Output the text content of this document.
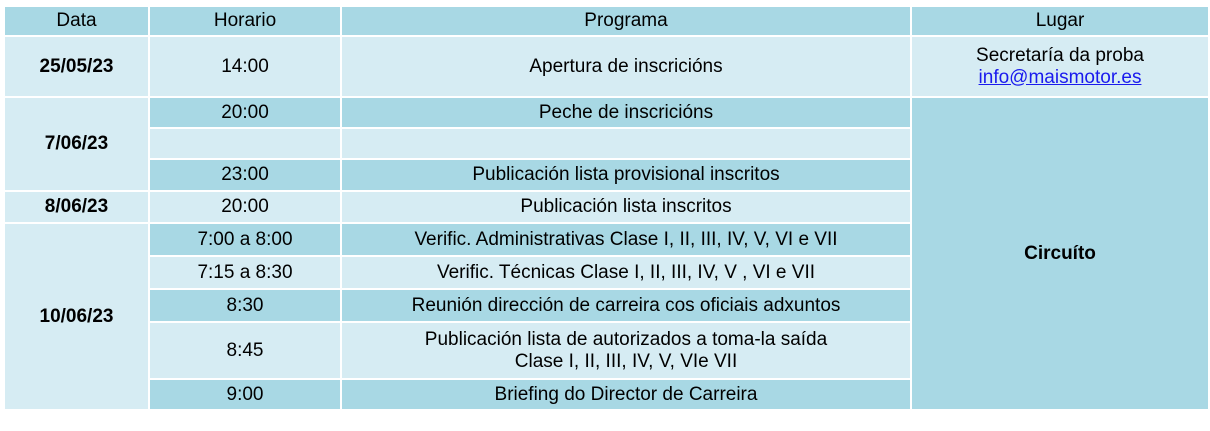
Data	Horario	Programa	Lugar
25/05/23	14:00	Apertura de inscricións	Secretaría da proba
info@maismotor.es

7/06/23	20:00	Peche de inscricións	Circuíto

	23:00	Publicación lista provisional inscritos	
8/06/23	20:00	Publicación lista inscritos	
10/06/23	7:00 a 8:00	Verific. Administrativas Clase I, II, III, IV, V, VI e VII	
	7:15 a 8:30	Verific. Técnicas Clase I, II, III, IV, V , VI e VII	
	8:30	Reunión dirección de carreira cos oficiais adxuntos	
	8:45	Publicación lista de autorizados a toma-la saída
Clase I, II, III, IV, V, VIe VII	

	9:00	Briefing do Director de Carreira	
